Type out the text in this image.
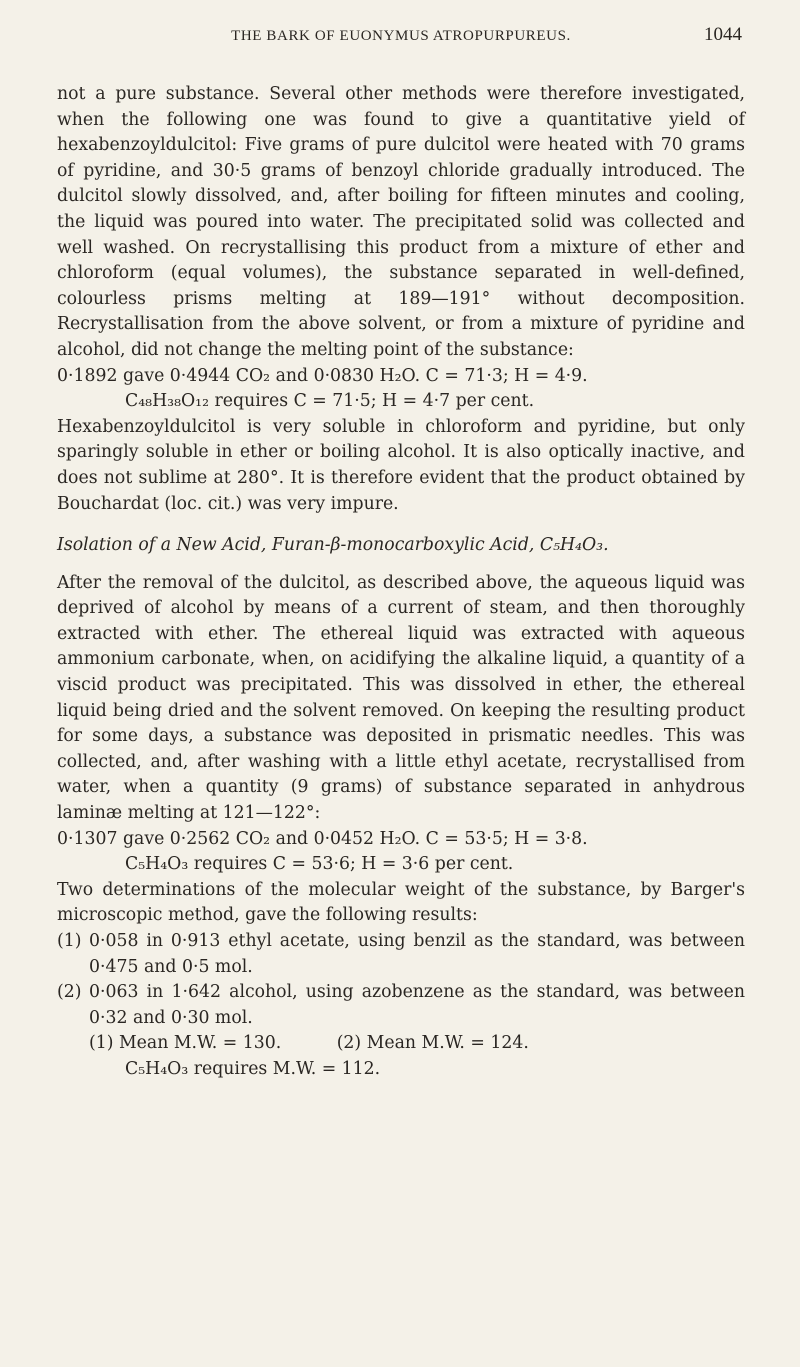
THE BARK OF EUONYMUS ATROPURPUREUS.	1044

not a pure substance. Several other methods were therefore investigated, when the following one was found to give a quantitative yield of hexabenzoyldulcitol: Five grams of pure dulcitol were heated with 70 grams of pyridine, and 30·5 grams of benzoyl chloride gradually introduced. The dulcitol slowly dissolved, and, after boiling for fifteen minutes and cooling, the liquid was poured into water. The precipitated solid was collected and well washed. On recrystallising this product from a mixture of ether and chloroform (equal volumes), the substance separated in well-defined, colourless prisms melting at 189—191° without decomposition. Recrystallisation from the above solvent, or from a mixture of pyridine and alcohol, did not change the melting point of the substance:

0·1892 gave 0·4944 CO₂ and 0·0830 H₂O. C = 71·3; H = 4·9.
C₄₈H₃₈O₁₂ requires C = 71·5; H = 4·7 per cent.

Hexabenzoyldulcitol is very soluble in chloroform and pyridine, but only sparingly soluble in ether or boiling alcohol. It is also optically inactive, and does not sublime at 280°. It is therefore evident that the product obtained by Bouchardat (loc. cit.) was very impure.

Isolation of a New Acid, Furan-β-monocarboxylic Acid, C₅H₄O₃.

After the removal of the dulcitol, as described above, the aqueous liquid was deprived of alcohol by means of a current of steam, and then thoroughly extracted with ether. The ethereal liquid was extracted with aqueous ammonium carbonate, when, on acidifying the alkaline liquid, a quantity of a viscid product was precipitated. This was dissolved in ether, the ethereal liquid being dried and the solvent removed. On keeping the resulting product for some days, a substance was deposited in prismatic needles. This was collected, and, after washing with a little ethyl acetate, recrystallised from water, when a quantity (9 grams) of substance separated in anhydrous laminæ melting at 121—122°:

0·1307 gave 0·2562 CO₂ and 0·0452 H₂O. C = 53·5; H = 3·8.
C₅H₄O₃ requires C = 53·6; H = 3·6 per cent.

Two determinations of the molecular weight of the substance, by Barger's microscopic method, gave the following results:

(1) 0·058 in 0·913 ethyl acetate, using benzil as the standard, was between 0·475 and 0·5 mol.
(2) 0·063 in 1·642 alcohol, using azobenzene as the standard, was between 0·32 and 0·30 mol.
(1) Mean M.W. = 130.	(2) Mean M.W. = 124.
C₅H₄O₃ requires M.W. = 112.
